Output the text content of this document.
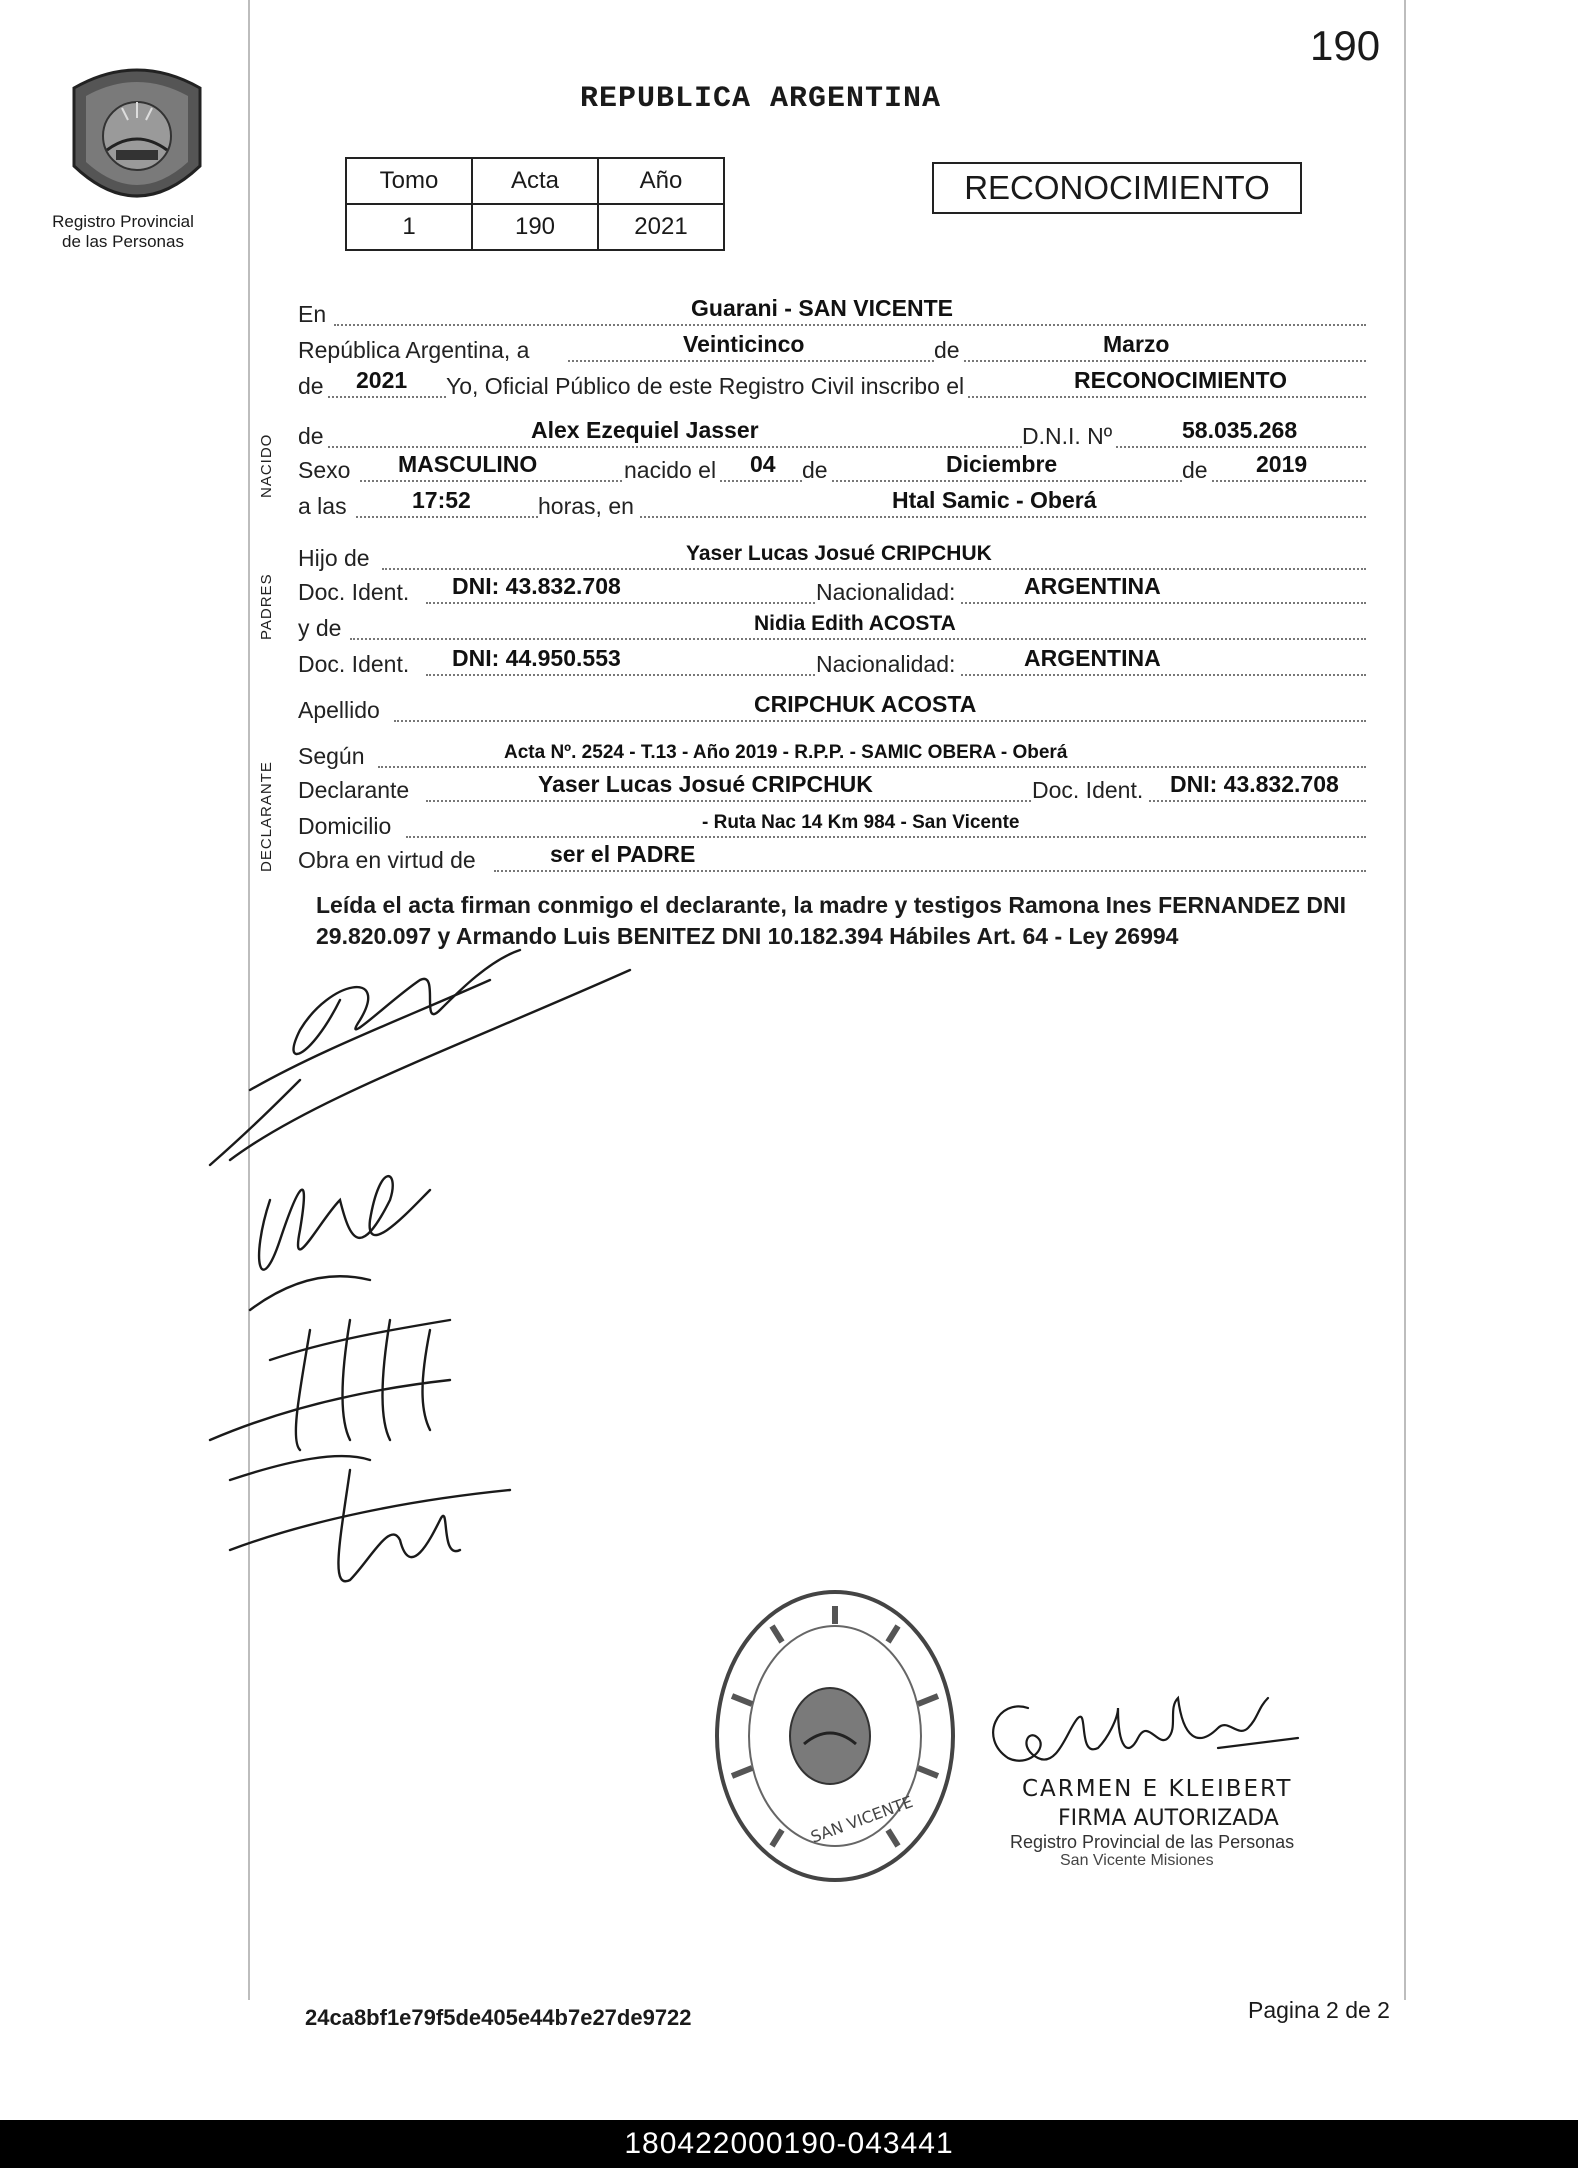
190
Registro Provincial
de las Personas
REPUBLICA ARGENTINA
Tomo	Acta	Año
1	190	2021
RECONOCIMIENTO
NACIDO
PADRES
DECLARANTE
En	Guarani - SAN VICENTE
República Argentina, a	Veinticinco	de	Marzo
de 2021 Yo, Oficial Público de este Registro Civil inscribo el	RECONOCIMIENTO
de	Alex Ezequiel Jasser	D.N.I. Nº	58.035.268
Sexo MASCULINO	nacido el 04 de	Diciembre	de 2019
a las	17:52	horas, en	Htal Samic - Oberá
Hijo de	Yaser Lucas Josué CRIPCHUK
Doc. Ident. DNI: 43.832.708	Nacionalidad:	ARGENTINA
y de	Nidia Edith ACOSTA
Doc. Ident. DNI: 44.950.553	Nacionalidad:	ARGENTINA
Apellido	CRIPCHUK ACOSTA
Según	Acta Nº. 2524 - T.13 - Año 2019 - R.P.P. - SAMIC OBERA - Oberá
Declarante	Yaser Lucas Josué CRIPCHUK	Doc. Ident. DNI: 43.832.708
Domicilio	- Ruta Nac 14 Km 984 - San Vicente
Obra en virtud de	ser el PADRE
Leída el acta firman conmigo el declarante, la madre y testigos Ramona Ines FERNANDEZ DNI 29.820.097 y Armando Luis BENITEZ DNI 10.182.394 Hábiles Art. 64 - Ley 26994
SAN VICENTE
CARMEN E KLEIBERT
FIRMA AUTORIZADA
Registro Provincial de las Personas
San Vicente Misiones
24ca8bf1e79f5de405e44b7e27de9722	Pagina 2 de 2
180422000190-043441
